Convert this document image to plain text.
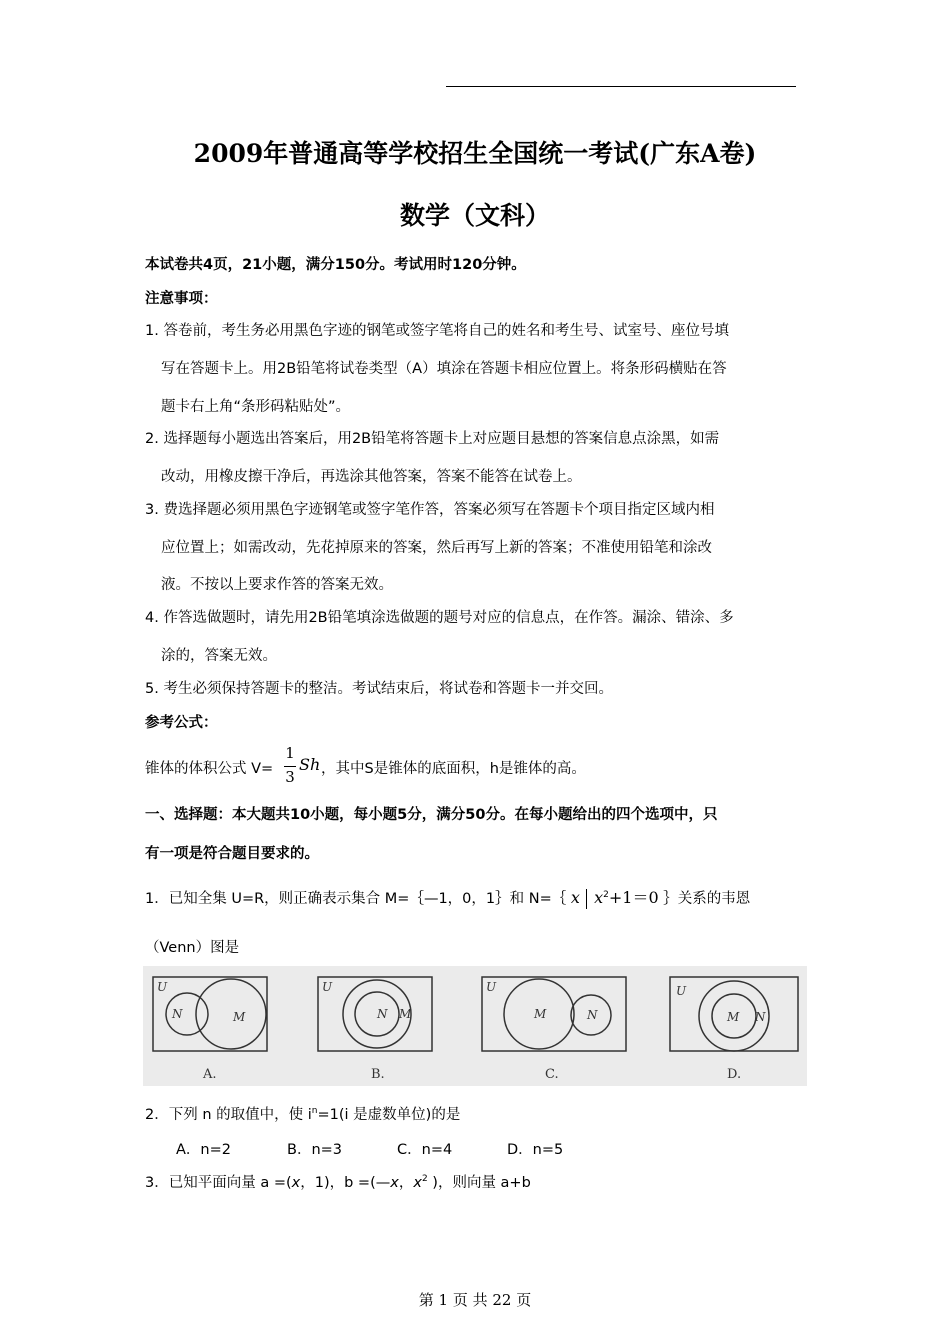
2009年普通高等学校招生全国统一考试(广东A卷)
数学（文科）
本试卷共4页，21小题，满分150分。考试用时120分钟。
注意事项：
1. 答卷前，考生务必用黑色字迹的钢笔或签字笔将自己的姓名和考生号、试室号、座位号填
写在答题卡上。用2B铅笔将试卷类型（A）填涂在答题卡相应位置上。将条形码横贴在答
题卡右上角“条形码粘贴处”。
2. 选择题每小题选出答案后，用2B铅笔将答题卡上对应题目悬想的答案信息点涂黑，如需
改动，用橡皮擦干净后，再选涂其他答案，答案不能答在试卷上。
3. 费选择题必须用黑色字迹钢笔或签字笔作答，答案必须写在答题卡个项目指定区域内相
应位置上；如需改动，先花掉原来的答案，然后再写上新的答案；不准使用铅笔和涂改
液。不按以上要求作答的答案无效。
4. 作答选做题时，请先用2B铅笔填涂选做题的题号对应的信息点，在作答。漏涂、错涂、多
涂的，答案无效。
5. 考生必须保持答题卡的整洁。考试结束后，将试卷和答题卡一并交回。
参考公式：
锥体的体积公式 V=
1
3
Sh ，其中S是锥体的底面积，h是锥体的高。
一、选择题：本大题共10小题，每小题5分，满分50分。在每小题给出的四个选项中，只
有一项是符合题目要求的。
1．已知全集 U=R，则正确表示集合 M=｛—1，0，1｝和 N=｛ x $x^2+1=0$ ｝关系的韦恩
（Venn）图是
U
N	M
U
N M
U
M	N
U
M N
A.	B.	C.	D.
2．下列 n 的取值中，使 $i^n=1(i$ 是虚数单位)的是
A．n=2	B．n=3	C．n=4	D．n=5
3．已知平面向量 a =(x，1)，b =(—x，$x^2$ )，则向量 a+b
第 1 页 共 22 页
